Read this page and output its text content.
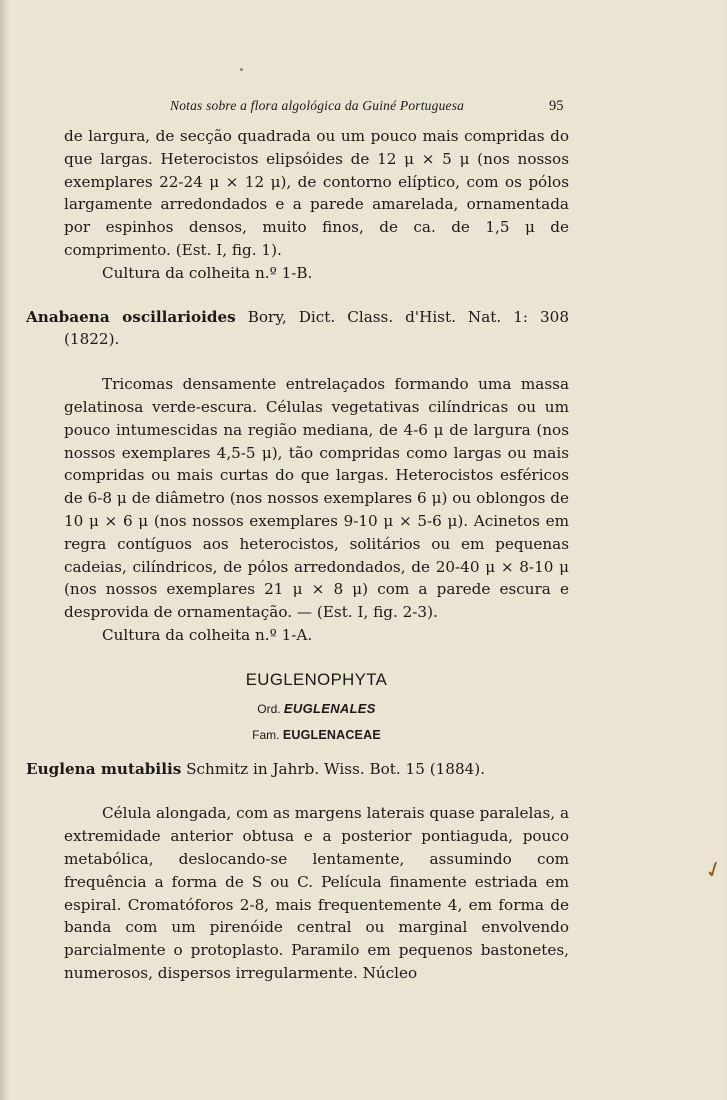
Notas sobre a flora algológica da Guiné Portuguesa	95

de largura, de secção quadrada ou um pouco mais compridas do que largas. Heterocistos elipsóides de 12 μ × 5 μ (nos nossos exemplares 22-24 μ × 12 μ), de contorno elíptico, com os pólos largamente arredondados e a parede amarelada, ornamentada por espinhos densos, muito finos, de ca. de 1,5 μ de comprimento. (Est. I, fig. 1).

Cultura da colheita n.º 1-B.

Anabaena oscillarioides Bory, Dict. Class. d'Hist. Nat. 1: 308 (1822).

Tricomas densamente entrelaçados formando uma massa gelatinosa verde-escura. Células vegetativas cilíndricas ou um pouco intumescidas na região mediana, de 4-6 μ de largura (nos nossos exemplares 4,5-5 μ), tão compridas como largas ou mais compridas ou mais curtas do que largas. Heterocistos esféricos de 6-8 μ de diâmetro (nos nossos exemplares 6 μ) ou oblongos de 10 μ × 6 μ (nos nossos exemplares 9-10 μ × 5-6 μ). Acinetos em regra contíguos aos heterocistos, solitários ou em pequenas cadeias, cilíndricos, de pólos arredondados, de 20-40 μ × 8-10 μ (nos nossos exemplares 21 μ × 8 μ) com a parede escura e desprovida de ornamentação. — (Est. I, fig. 2-3).

Cultura da colheita n.º 1-A.

EUGLENOPHYTA

Ord. EUGLENALES

Fam. EUGLENACEAE

Euglena mutabilis Schmitz in Jahrb. Wiss. Bot. 15 (1884).

Célula alongada, com as margens laterais quase paralelas, a extremidade anterior obtusa e a posterior pontiaguda, pouco metabólica, deslocando-se lentamente, assumindo com frequência a forma de S ou C. Película finamente estriada em espiral. Cromatóforos 2-8, mais frequentemente 4, em forma de banda com um pirenóide central ou marginal envolvendo parcialmente o protoplasto. Paramilo em pequenos bastonetes, numerosos, dispersos irregularmente. Núcleo

✓
